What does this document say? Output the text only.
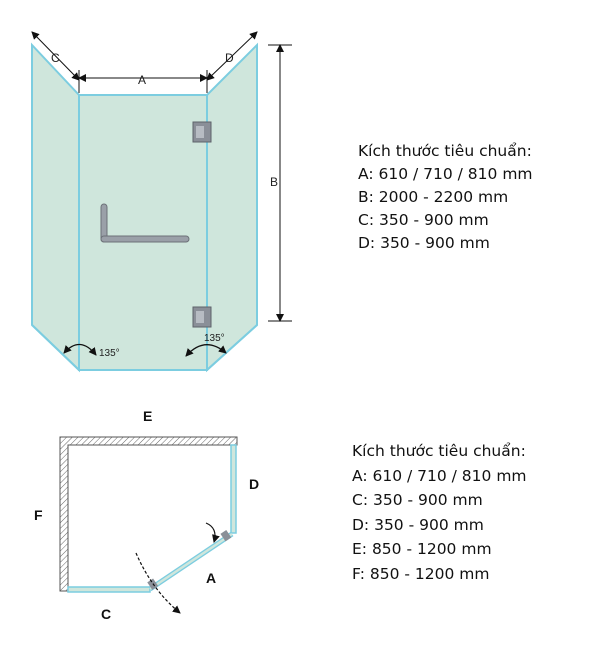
A
C	D
B
135°
135°
E
F
D
A
C
Kích thước tiêu chuẩn:
A: 610 / 710 / 810 mm
B: 2000 - 2200 mm
C: 350 - 900 mm
D: 350 - 900 mm
Kích thước tiêu chuẩn:
A: 610 / 710 / 810 mm
C: 350 - 900 mm
D: 350 - 900 mm
E: 850 - 1200 mm
F: 850 - 1200 mm
